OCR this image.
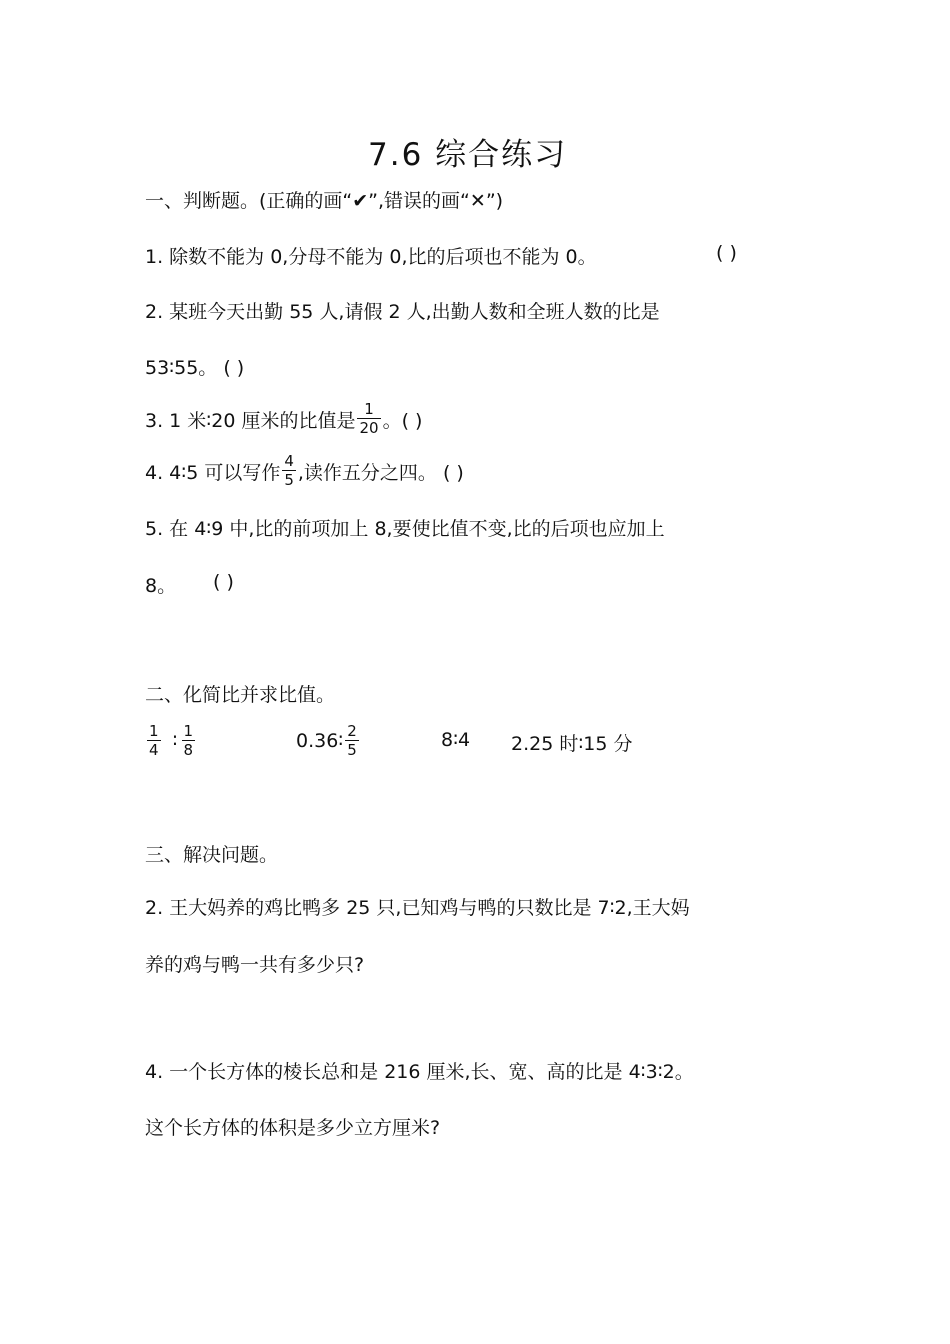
7.6 综合练习
一、判断题。(正确的画“✔”,错误的画“✕”)
1. 除数不能为 0,分母不能为 0,比的后项也不能为 0。	( )
2. 某班今天出勤 55 人,请假 2 人,出勤人数和全班人数的比是
53∶55。 ( )
3. 1 米∶20 厘米的比值是 $\frac{1}{20}$ 。( )
4. 4∶5 可以写作 $\frac{4}{5}$ ,读作五分之四。 ( )
5. 在 4∶9 中,比的前项加上 8,要使比值不变,比的后项也应加上
8。 ( )
二、化简比并求比值。
$\frac{1}{4}$ ∶ $\frac{1}{8}$	0.36∶ $\frac{2}{5}$	8∶4 2.25 时∶15 分
三、解决问题。
2. 王大妈养的鸡比鸭多 25 只,已知鸡与鸭的只数比是 7∶2,王大妈
养的鸡与鸭一共有多少只?
4. 一个长方体的棱长总和是 216 厘米,长、宽、高的比是 4∶3∶2。
这个长方体的体积是多少立方厘米?
